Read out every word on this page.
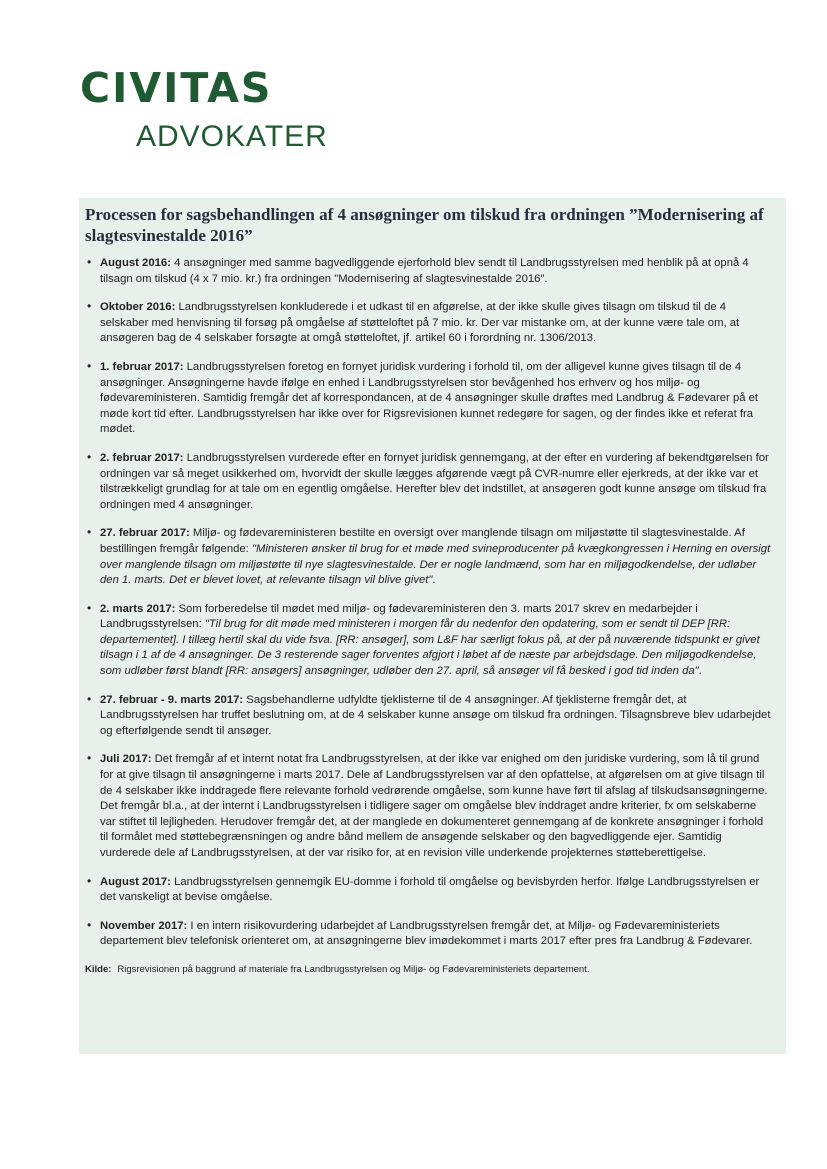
CIVITAS

ADVOKATER

Processen for sagsbehandlingen af 4 ansøgninger om tilskud fra ordningen ”Modernisering af slagtesvinestalde 2016”
• August 2016: 4 ansøgninger med samme bagvedliggende ejerforhold blev sendt til Landbrugsstyrelsen med henblik på at opnå 4 tilsagn om tilskud (4 x 7 mio. kr.) fra ordningen "Modernisering af slagtesvinestalde 2016".
• Oktober 2016: Landbrugsstyrelsen konkluderede i et udkast til en afgørelse, at der ikke skulle gives tilsagn om tilskud til de 4 selskaber med henvisning til forsøg på omgåelse af støtteloftet på 7 mio. kr. Der var mistanke om, at der kunne være tale om, at ansøgeren bag de 4 selskaber forsøgte at omgå støtteloftet, jf. artikel 60 i forordning nr. 1306/2013.
• 1. februar 2017: Landbrugsstyrelsen foretog en fornyet juridisk vurdering i forhold til, om der alligevel kunne gives tilsagn til de 4 ansøgninger. Ansøgningerne havde ifølge en enhed i Landbrugsstyrelsen stor bevågenhed hos erhverv og hos miljø- og fødevareministeren. Samtidig fremgår det af korrespondancen, at de 4 ansøgninger skulle drøftes med Landbrug & Fødevarer på et møde kort tid efter. Landbrugsstyrelsen har ikke over for Rigsrevisionen kunnet redegøre for sagen, og der findes ikke et referat fra mødet.
• 2. februar 2017: Landbrugsstyrelsen vurderede efter en fornyet juridisk gennemgang, at der efter en vurdering af bekendtgørelsen for ordningen var så meget usikkerhed om, hvorvidt der skulle lægges afgørende vægt på CVR-numre eller ejerkreds, at der ikke var et tilstrækkeligt grundlag for at tale om en egentlig omgåelse. Herefter blev det indstillet, at ansøgeren godt kunne ansøge om tilskud fra ordningen med 4 ansøgninger.
• 27. februar 2017: Miljø- og fødevareministeren bestilte en oversigt over manglende tilsagn om miljøstøtte til slagtesvinestalde. Af bestillingen fremgår følgende: "Ministeren ønsker til brug for et møde med svineproducenter på kvægkongressen i Herning en oversigt over manglende tilsagn om miljøstøtte til nye slagtesvinestalde. Der er nogle landmænd, som har en miljøgodkendelse, der udløber den 1. marts. Det er blevet lovet, at relevante tilsagn vil blive givet".
• 2. marts 2017: Som forberedelse til mødet med miljø- og fødevareministeren den 3. marts 2017 skrev en medarbejder i Landbrugsstyrelsen: "Til brug for dit møde med ministeren i morgen får du nedenfor den opdatering, som er sendt til DEP [RR: departementet]. I tillæg hertil skal du vide fsva. [RR: ansøger], som L&F har særligt fokus på, at der på nuværende tidspunkt er givet tilsagn i 1 af de 4 ansøgninger. De 3 resterende sager forventes afgjort i løbet af de næste par arbejdsdage. Den miljøgodkendelse, som udløber først blandt [RR: ansøgers] ansøgninger, udløber den 27. april, så ansøger vil få besked i god tid inden da".
• 27. februar - 9. marts 2017: Sagsbehandlerne udfyldte tjeklisterne til de 4 ansøgninger. Af tjeklisterne fremgår det, at Landbrugsstyrelsen har truffet beslutning om, at de 4 selskaber kunne ansøge om tilskud fra ordningen. Tilsagnsbreve blev udarbejdet og efterfølgende sendt til ansøger.
• Juli 2017: Det fremgår af et internt notat fra Landbrugsstyrelsen, at der ikke var enighed om den juridiske vurdering, som lå til grund for at give tilsagn til ansøgningerne i marts 2017. Dele af Landbrugsstyrelsen var af den opfattelse, at afgørelsen om at give tilsagn til de 4 selskaber ikke inddragede flere relevante forhold vedrørende omgåelse, som kunne have ført til afslag af tilskudsansøgningerne. Det fremgår bl.a., at der internt i Landbrugsstyrelsen i tidligere sager om omgåelse blev inddraget andre kriterier, fx om selskaberne var stiftet til lejligheden. Herudover fremgår det, at der manglede en dokumenteret gennemgang af de konkrete ansøgninger i forhold til formålet med støttebegrænsningen og andre bånd mellem de ansøgende selskaber og den bagvedliggende ejer. Samtidig vurderede dele af Landbrugsstyrelsen, at der var risiko for, at en revision ville underkende projekternes støtteberettigelse.
• August 2017: Landbrugsstyrelsen gennemgik EU-domme i forhold til omgåelse og bevisbyrden herfor. Ifølge Landbrugsstyrelsen er det vanskeligt at bevise omgåelse.
• November 2017: I en intern risikovurdering udarbejdet af Landbrugsstyrelsen fremgår det, at Miljø- og Fødevareministeriets departement blev telefonisk orienteret om, at ansøgningerne blev imødekommet i marts 2017 efter pres fra Landbrug & Fødevarer.
Kilde: Rigsrevisionen på baggrund af materiale fra Landbrugsstyrelsen og Miljø- og Fødevareministeriets departement.
